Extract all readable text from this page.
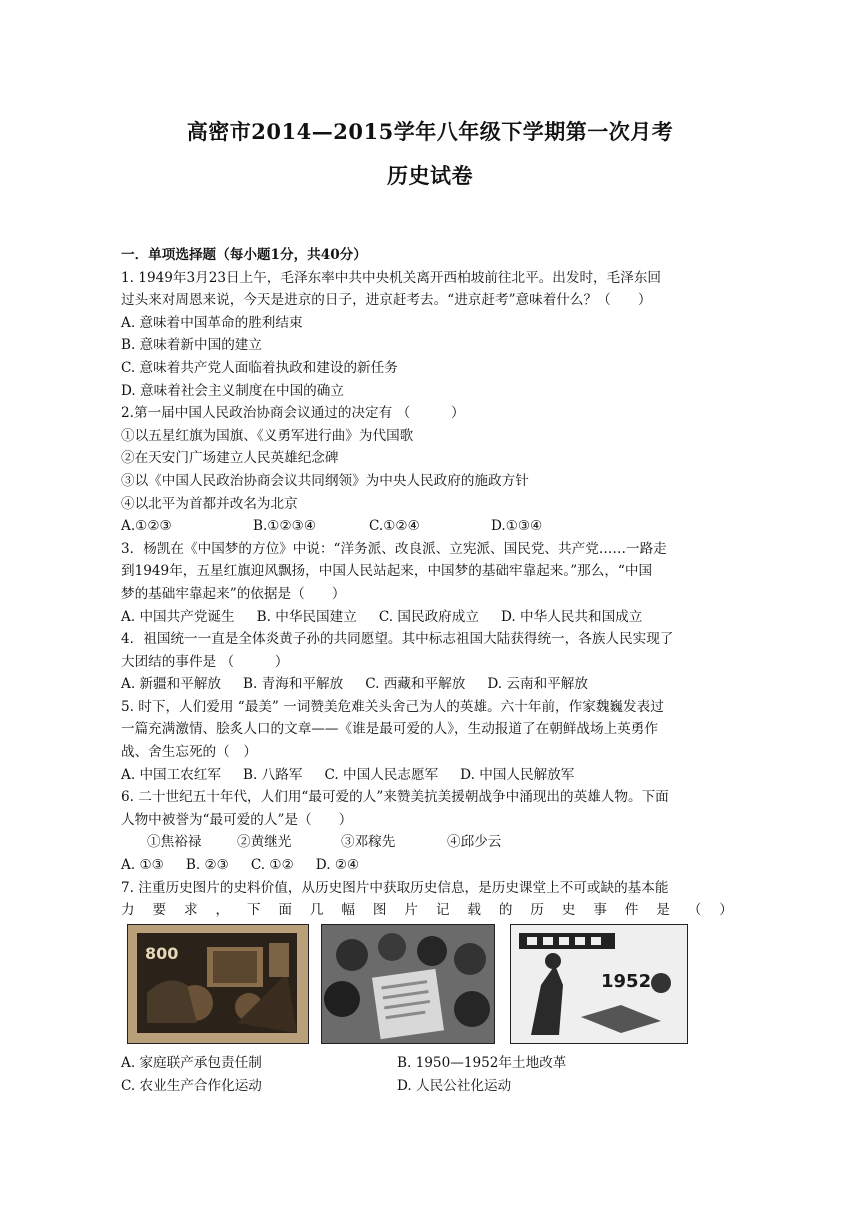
高密市2014—2015学年八年级下学期第一次月考
历史试卷
一．单项选择题（每小题1分，共40分）
1. 1949年3月23日上午，毛泽东率中共中央机关离开西柏坡前往北平。出发时，毛泽东回
过头来对周恩来说，今天是进京的日子，进京赶考去。“进京赶考”意味着什么？（　　）
A. 意味着中国革命的胜利结束
B. 意味着新中国的建立
C. 意味着共产党人面临着执政和建设的新任务
D. 意味着社会主义制度在中国的确立
2.第一届中国人民政治协商会议通过的决定有 （　　　）
①以五星红旗为国旗、《义勇军进行曲》为代国歌
②在天安门广场建立人民英雄纪念碑
③以《中国人民政治协商会议共同纲领》为中央人民政府的施政方针
④以北平为首都并改名为北京
A.①②③	B.①②③④	C.①②④	D.①③④
3．杨凯在《中国梦的方位》中说：“洋务派、改良派、立宪派、国民党、共产党……一路走
到1949年，五星红旗迎风飘扬，中国人民站起来，中国梦的基础牢靠起来。”那么，“中国
梦的基础牢靠起来”的依据是（　　）
A. 中国共产党诞生 B. 中华民国建立 C. 国民政府成立 D. 中华人民共和国成立
4．祖国统一一直是全体炎黄子孙的共同愿望。其中标志祖国大陆获得统一，各族人民实现了
大团结的事件是 （　　　）
A. 新疆和平解放 B. 青海和平解放 C. 西藏和平解放 D. 云南和平解放
5. 时下，人们爱用 “最美” 一词赞美危难关头舍己为人的英雄。六十年前，作家魏巍发表过
一篇充满激情、脍炙人口的文章——《谁是最可爱的人》，生动报道了在朝鲜战场上英勇作
战、舍生忘死的（　）
A. 中国工农红军 B. 八路军 C. 中国人民志愿军 D. 中国人民解放军
6. 二十世纪五十年代，人们用“最可爱的人”来赞美抗美援朝战争中涌现出的英雄人物。下面
人物中被誉为“最可爱的人”是（　　）
①焦裕禄	②黄继光	③邓稼先	④邱少云
A. ①③ B. ②③ C. ①② D. ②④
7. 注重历史图片的史料价值，从历史图片中获取历史信息，是历史课堂上不可或缺的基本能
力 要 求 ， 下 面 几 幅 图 片 记 载 的 历 史 事 件 是 （ ）
800
1952
A. 家庭联产承包责任制	B. 1950—1952年土地改革
C. 农业生产合作化运动	D. 人民公社化运动
